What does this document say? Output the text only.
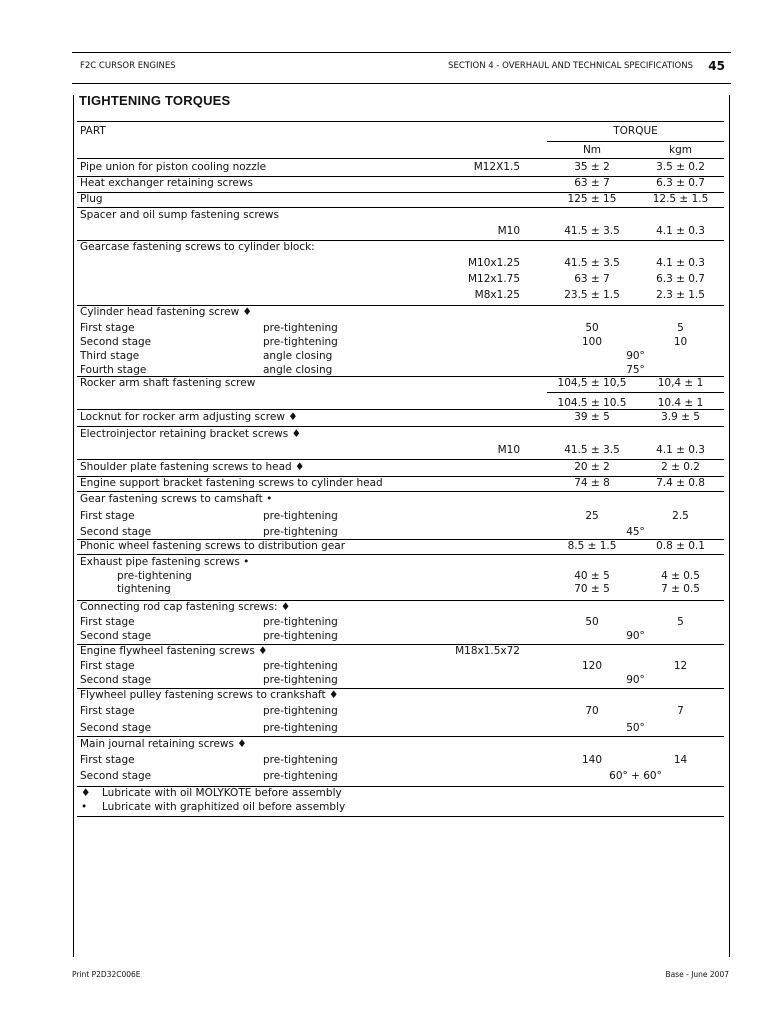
F2C CURSOR ENGINES	SECTION 4 - OVERHAUL AND TECHNICAL SPECIFICATIONS 45
TIGHTENING TORQUES
PART	TORQUE
Nm	kgm
Pipe union for piston cooling nozzle	M12X1.5	35 ± 2	3.5 ± 0.2
Heat exchanger retaining screws	63 ± 7	6.3 ± 0.7
Plug	125 ± 15	12.5 ± 1.5
Spacer and oil sump fastening screws
M10	41.5 ± 3.5	4.1 ± 0.3
Gearcase fastening screws to cylinder block:
M10x1.25	41.5 ± 3.5	4.1 ± 0.3
M12x1.75	63 ± 7	6.3 ± 0.7
M8x1.25	23.5 ± 1.5	2.3 ± 1.5
Cylinder head fastening screw ♦
First stage	pre-tightening	50	5
Second stage	pre-tightening	100	10
Third stage	angle closing	90°
Fourth stage	angle closing	75°
Rocker arm shaft fastening screw	104,5 ± 10,5	10,4 ± 1
104.5 ± 10.5	10.4 ± 1
Locknut for rocker arm adjusting screw ♦	39 ± 5	3.9 ± 5
Electroinjector retaining bracket screws ♦
M10	41.5 ± 3.5	4.1 ± 0.3
Shoulder plate fastening screws to head ♦	20 ± 2	2 ± 0.2
Engine support bracket fastening screws to cylinder head	74 ± 8	7.4 ± 0.8
Gear fastening screws to camshaft •
First stage	pre-tightening	25	2.5
Second stage	pre-tightening	45°
Phonic wheel fastening screws to distribution gear	8.5 ± 1.5	0.8 ± 0.1
Exhaust pipe fastening screws •
pre-tightening	40 ± 5	4 ± 0.5
tightening	70 ± 5	7 ± 0.5
Connecting rod cap fastening screws: ♦
First stage	pre-tightening	50	5
Second stage	pre-tightening	90°
Engine flywheel fastening screws ♦	M18x1.5x72
First stage	pre-tightening	120	12
Second stage	pre-tightening	90°
Flywheel pulley fastening screws to crankshaft ♦
First stage	pre-tightening	70	7
Second stage	pre-tightening	50°
Main journal retaining screws ♦
First stage	pre-tightening	140	14
Second stage	pre-tightening	60° + 60°
♦ Lubricate with oil MOLYKOTE before assembly
• Lubricate with graphitized oil before assembly
Print P2D32C006E	Base - June 2007
